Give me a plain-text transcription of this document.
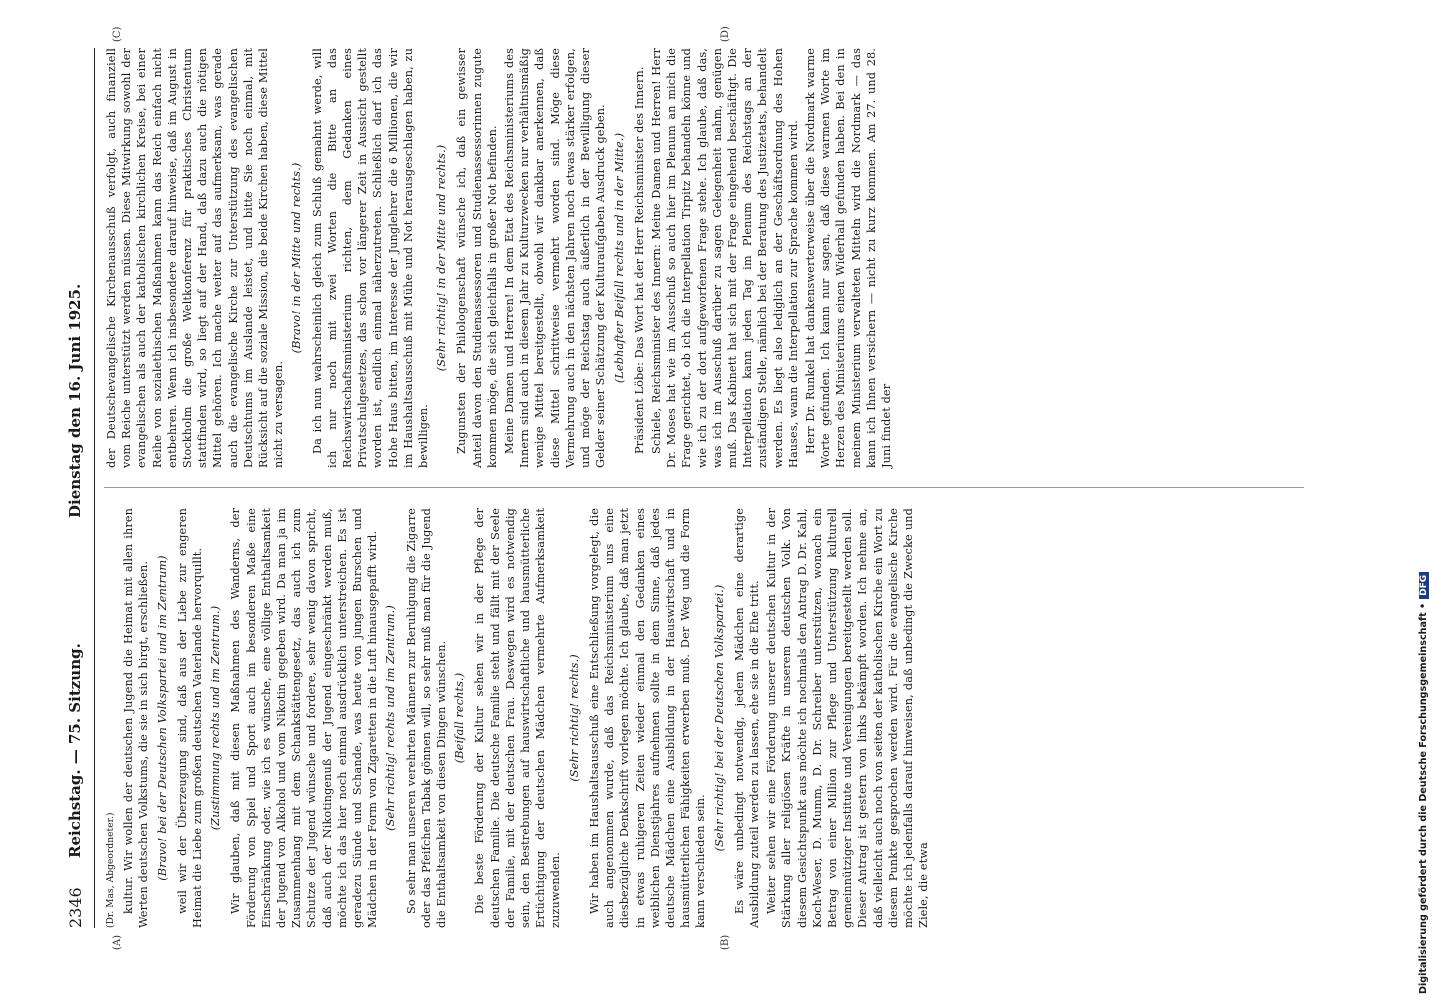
2346
Reichstag. — 75. Sitzung.
Dienstag den 16. Juni 1925.
(A)	(B)
(C)	(D)

(Dr. Mas, Abgeordneter.) kultur. Wir wollen der deutschen Jugend die Heimat mit allen ihren Werten deutschen Volkstums, die sie in sich birgt, erschließen. (Bravo! bei der Deutschen Volkspartei und im Zentrum) weil wir der Überzeugung sind, daß aus der Liebe zur engeren Heimat die Liebe zum großen deutschen Vaterlande hervorquillt. (Zustimmung rechts und im Zentrum.) Wir glauben, daß mit diesen Maßnahmen des Wanderns, der Förderung von Spiel und Sport auch im besonderen Maße eine Einschränkung oder, wie ich es wünsche, eine völlige Enthaltsamkeit der Jugend von Alkohol und vom Nikotin gegeben wird. Da man ja im Zusammenhang mit dem Schankstättengesetz, das auch ich zum Schutze der Jugend wünsche und fordere, sehr wenig davon spricht, daß auch der Nikotingenuß der Jugend eingeschränkt werden muß, möchte ich das hier noch einmal ausdrücklich unterstreichen. Es ist geradezu Sünde und Schande, was heute von jungen Burschen und Mädchen in der Form von Zigaretten in die Luft hinausgepafft wird. (Sehr richtig! rechts und im Zentrum.) So sehr man unseren verehrten Männern zur Beruhigung die Zigarre oder das Pfeifchen Tabak gönnen will, so sehr muß man für die Jugend die Enthaltsamkeit von diesen Dingen wünschen. (Beifall rechts.) Die beste Förderung der Kultur sehen wir in der Pflege der deutschen Familie. Die deutsche Familie steht und fällt mit der Seele der Familie, mit der deutschen Frau. Deswegen wird es notwendig sein, den Bestrebungen auf hauswirtschaftliche und hausmütterliche Ertüchtigung der deutschen Mädchen vermehrte Aufmerksamkeit zuzuwenden.

(Sehr richtig! rechts.) Wir haben im Haushaltsausschuß eine Entschließung vorgelegt, die auch angenommen wurde, daß das Reichsministerium uns eine diesbezügliche Denkschrift vorlegen möchte. Ich glaube, daß man jetzt in etwas ruhigeren Zeiten wieder einmal den Gedanken eines weiblichen Dienstjahres aufnehmen sollte in dem Sinne, daß jedes deutsche Mädchen eine Ausbildung in der Hauswirtschaft und in hausmütterlichen Fähigkeiten erwerben muß. Der Weg und die Form kann verschieden sein.

(Sehr richtig! bei der Deutschen Volkspartei.) Es wäre unbedingt notwendig, jedem Mädchen eine derartige Ausbildung zuteil werden zu lassen, ehe sie in die Ehe tritt. Weiter sehen wir eine Förderung unserer deutschen Kultur in der Stärkung aller religiösen Kräfte in unserem deutschen Volk. Von diesem Gesichtspunkt aus möchte ich nochmals den Antrag D. Dr. Kahl, Koch-Weser, D. Mumm, D. Dr. Schreiber unterstützen, wonach ein Betrag von einer Million zur Pflege und Unterstützung kulturell gemeinnütziger Institute und Vereinigungen bereitgestellt werden soll. Dieser Antrag ist gestern von links bekämpft worden. Ich nehme an, daß vielleicht auch noch von seiten der katholischen Kirche ein Wort zu diesem Punkte gesprochen werden wird. Für die evangelische Kirche möchte ich jedenfalls darauf hinweisen, daß unbedingt die Zwecke und Ziele, die etwa

der Deutschevangelische Kirchenausschuß verfolgt, auch finanziell vom Reiche unterstützt werden müssen. Diese Mitwirkung sowohl der evangelischen als auch der katholischen kirchlichen Kreise, bei einer Reihe von sozialethischen Maßnahmen kann das Reich einfach nicht entbehren. Wenn ich insbesondere darauf hinweise, daß im August in Stockholm die große Weltkonferenz für praktisches Christentum stattfinden wird, so liegt auf der Hand, daß dazu auch die nötigen Mittel gehören. Ich mache weiter auf das aufmerksam, was gerade auch die evangelische Kirche zur Unterstützung des evangelischen Deutschtums im Auslande leistet, und bitte Sie noch einmal, mit Rücksicht auf die soziale Mission, die beide Kirchen haben, diese Mittel nicht zu versagen.

(Bravo! in der Mitte und rechts.) Da ich nun wahrscheinlich gleich zum Schluß gemahnt werde, will ich nur noch mit zwei Worten die Bitte an das Reichswirtschaftsministerium richten, dem Gedanken eines Privatschulgesetzes, das schon vor längerer Zeit in Aussicht gestellt worden ist, endlich einmal näherzutreten. Schließlich darf ich das Hohe Haus bitten, im Interesse der Junglehrer die 6 Millionen, die wir im Haushaltsausschuß mit Mühe und Not herausgeschlagen haben, zu bewilligen.

(Sehr richtig! in der Mitte und rechts.) Zugunsten der Philologenschaft wünsche ich, daß ein gewisser Anteil davon den Studienassessoren und Studienassessorinnen zugute kommen möge, die sich gleichfalls in großer Not befinden. Meine Damen und Herren! In dem Etat des Reichsministeriums des Innern sind auch in diesem Jahr zu Kulturzwecken nur verhältnismäßig wenige Mittel bereitgestellt, obwohl wir dankbar anerkennen, daß diese Mittel schrittweise vermehrt worden sind. Möge diese Vermehrung auch in den nächsten Jahren noch etwas stärker erfolgen, und möge der Reichstag auch äußerlich in der Bewilligung dieser Gelder seiner Schätzung der Kulturaufgaben Ausdruck geben. (Lebhafter Beifall rechts und in der Mitte.) Präsident Löbe: Das Wort hat der Herr Reichsminister des Innern. Schiele, Reichsminister des Innern: Meine Damen und Herren! Herr Dr. Moses hat wie im Ausschuß so auch hier im Plenum an mich die Frage gerichtet, ob ich die Interpellation Tirpitz behandeln könne und wie ich zu der dort aufgeworfenen Frage stehe. Ich glaube, daß das, was ich im Ausschuß darüber zu sagen Gelegenheit nahm, genügen muß. Das Kabinett hat sich mit der Frage eingehend beschäftigt. Die Interpellation kann jeden Tag im Plenum des Reichstags an der zuständigen Stelle, nämlich bei der Beratung des Justizetats, behandelt werden. Es liegt also lediglich an der Geschäftsordnung des Hohen Hauses, wann die Interpellation zur Sprache kommen wird. Herr Dr. Runkel hat dankenswerterweise über die Nordmark warme Worte gefunden. Ich kann nur sagen, daß diese warmen Worte im Herzen des Ministeriums einen Widerhall gefunden haben. Bei den in meinem Ministerium verwalteten Mitteln wird die Nordmark — das kann ich Ihnen versichern — nicht zu kurz kommen. Am 27. und 28. Juni findet der

Digitalisierung gefördert durch die Deutsche Forschungsgemeinschaft •DFG
